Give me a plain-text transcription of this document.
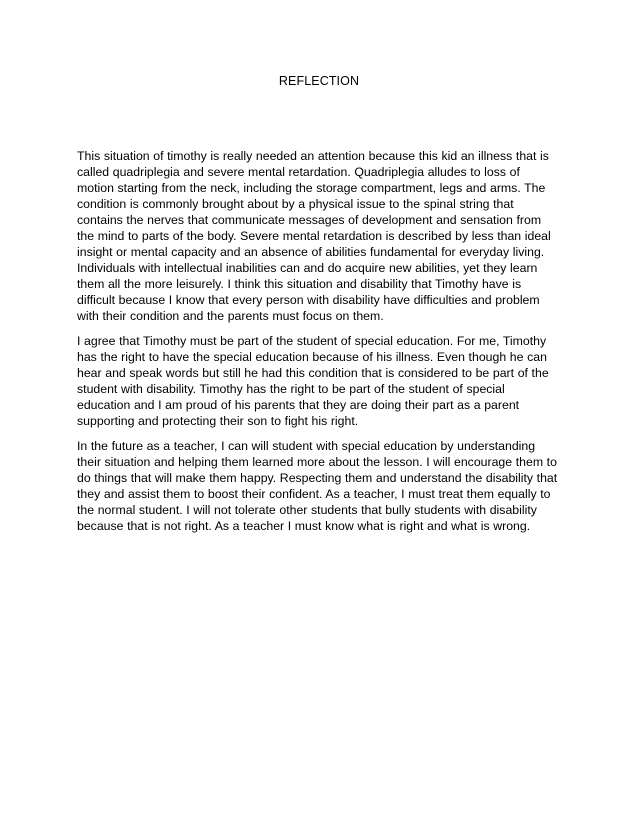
REFLECTION

This situation of timothy is really needed an attention because this kid an illness that is
called quadriplegia and severe mental retardation. Quadriplegia alludes to loss of
motion starting from the neck, including the storage compartment, legs and arms. The
condition is commonly brought about by a physical issue to the spinal string that
contains the nerves that communicate messages of development and sensation from
the mind to parts of the body. Severe mental retardation is described by less than ideal
insight or mental capacity and an absence of abilities fundamental for everyday living.
Individuals with intellectual inabilities can and do acquire new abilities, yet they learn
them all the more leisurely. I think this situation and disability that Timothy have is
difficult because I know that every person with disability have difficulties and problem
with their condition and the parents must focus on them.

I agree that Timothy must be part of the student of special education. For me, Timothy
has the right to have the special education because of his illness. Even though he can
hear and speak words but still he had this condition that is considered to be part of the
student with disability. Timothy has the right to be part of the student of special
education and I am proud of his parents that they are doing their part as a parent
supporting and protecting their son to fight his right.

In the future as a teacher, I can will student with special education by understanding
their situation and helping them learned more about the lesson. I will encourage them to
do things that will make them happy. Respecting them and understand the disability that
they and assist them to boost their confident. As a teacher, I must treat them equally to
the normal student. I will not tolerate other students that bully students with disability
because that is not right. As a teacher I must know what is right and what is wrong.
